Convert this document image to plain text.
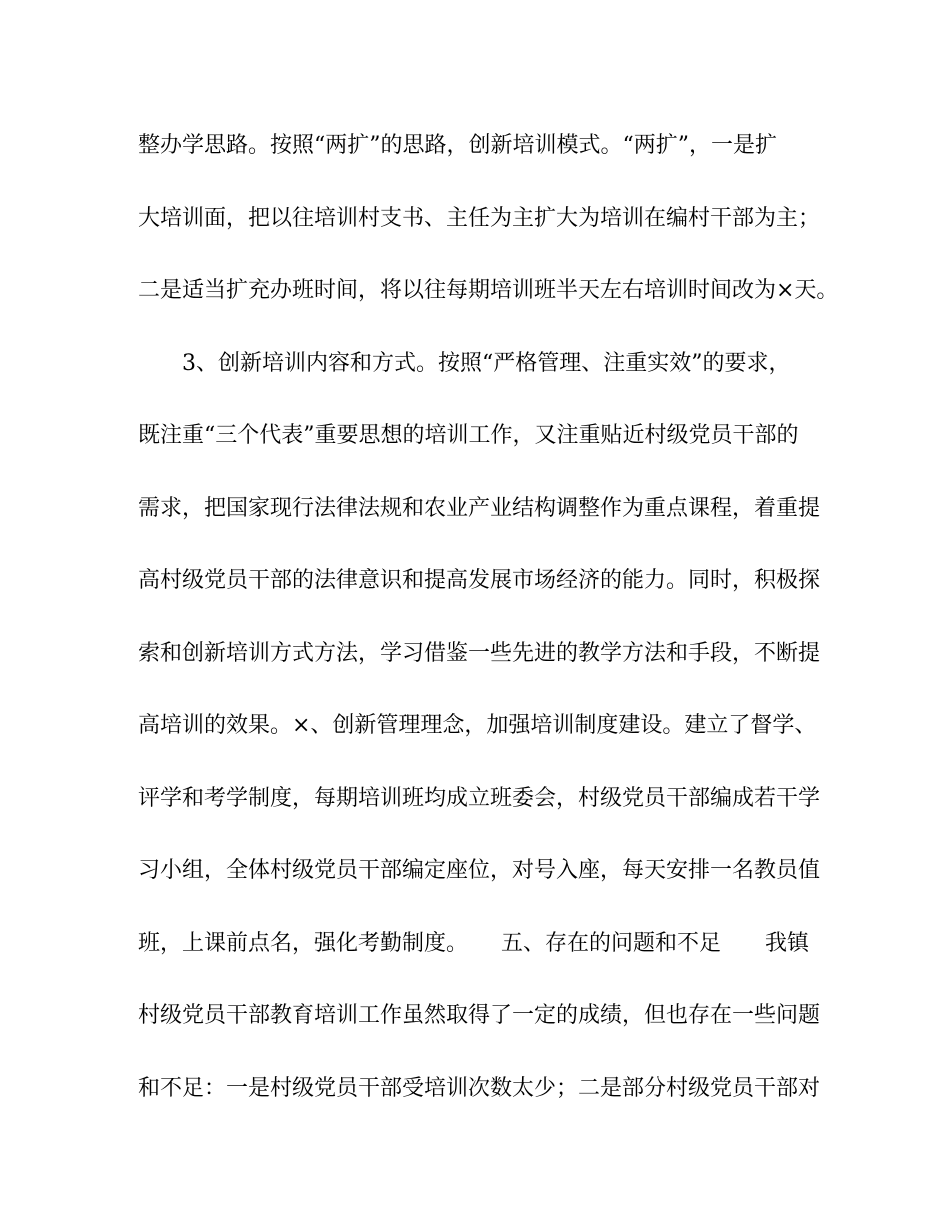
整办学思路。按照“两扩”的思路，创新培训模式。“两扩”，一是扩
大培训面，把以往培训村支书、主任为主扩大为培训在编村干部为主；
二是适当扩充办班时间，将以往每期培训班半天左右培训时间改为×天。
　　3、创新培训内容和方式。按照“严格管理、注重实效”的要求，
既注重“三个代表”重要思想的培训工作，又注重贴近村级党员干部的
需求，把国家现行法律法规和农业产业结构调整作为重点课程，着重提
高村级党员干部的法律意识和提高发展市场经济的能力。同时，积极探
索和创新培训方式方法，学习借鉴一些先进的教学方法和手段，不断提
高培训的效果。×、创新管理理念，加强培训制度建设。建立了督学、
评学和考学制度，每期培训班均成立班委会，村级党员干部编成若干学
习小组，全体村级党员干部编定座位，对号入座，每天安排一名教员值
班，上课前点名，强化考勤制度。　　五、存在的问题和不足　　我镇
村级党员干部教育培训工作虽然取得了一定的成绩，但也存在一些问题
和不足：一是村级党员干部受培训次数太少；二是部分村级党员干部对
